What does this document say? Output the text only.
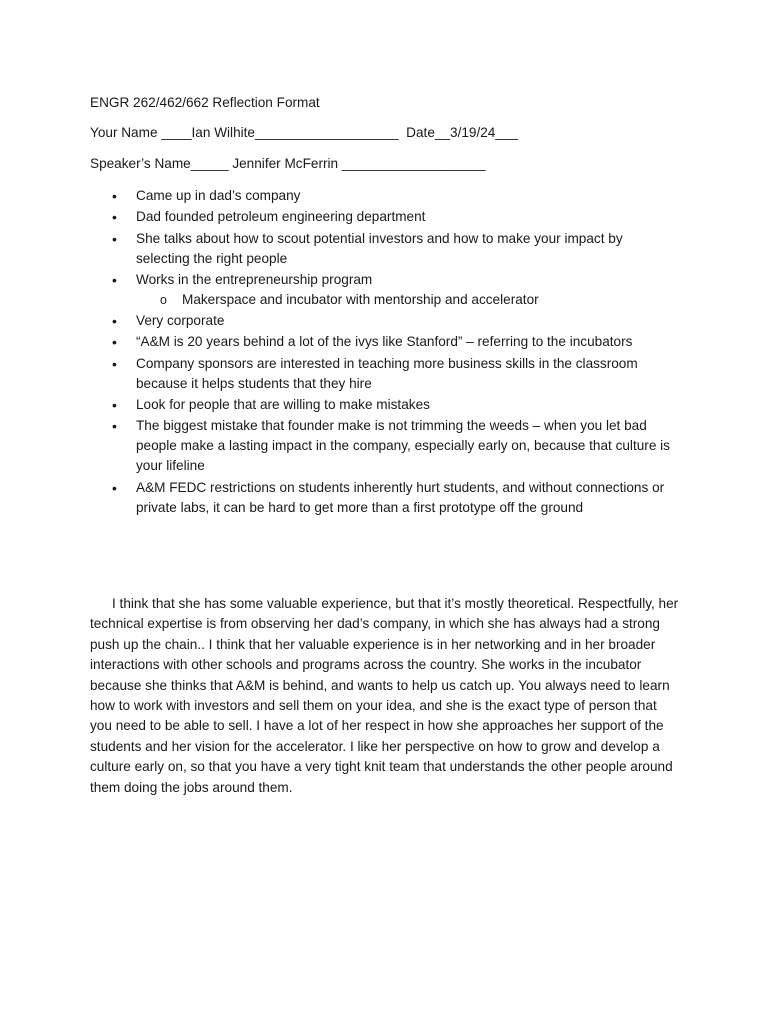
ENGR 262/462/662 Reflection Format
Your Name ____Ian Wilhite___________________  Date__3/19/24___
Speaker’s Name_____ Jennifer McFerrin ___________________
• Came up in dad’s company
• Dad founded petroleum engineering department
• She talks about how to scout potential investors and how to make your impact by selecting the right people
• Works in the entrepreneurship program
o Makerspace and incubator with mentorship and accelerator
• Very corporate
• “A&M is 20 years behind a lot of the ivys like Stanford” – referring to the incubators
• Company sponsors are interested in teaching more business skills in the classroom because it helps students that they hire
• Look for people that are willing to make mistakes
• The biggest mistake that founder make is not trimming the weeds – when you let bad people make a lasting impact in the company, especially early on, because that culture is your lifeline
• A&M FEDC restrictions on students inherently hurt students, and without connections or private labs, it can be hard to get more than a first prototype off the ground

I think that she has some valuable experience, but that it’s mostly theoretical. Respectfully, her technical expertise is from observing her dad’s company, in which she has always had a strong push up the chain.. I think that her valuable experience is in her networking and in her broader interactions with other schools and programs across the country. She works in the incubator because she thinks that A&M is behind, and wants to help us catch up. You always need to learn how to work with investors and sell them on your idea, and she is the exact type of person that you need to be able to sell. I have a lot of her respect in how she approaches her support of the students and her vision for the accelerator. I like her perspective on how to grow and develop a culture early on, so that you have a very tight knit team that understands the other people around them doing the jobs around them.
